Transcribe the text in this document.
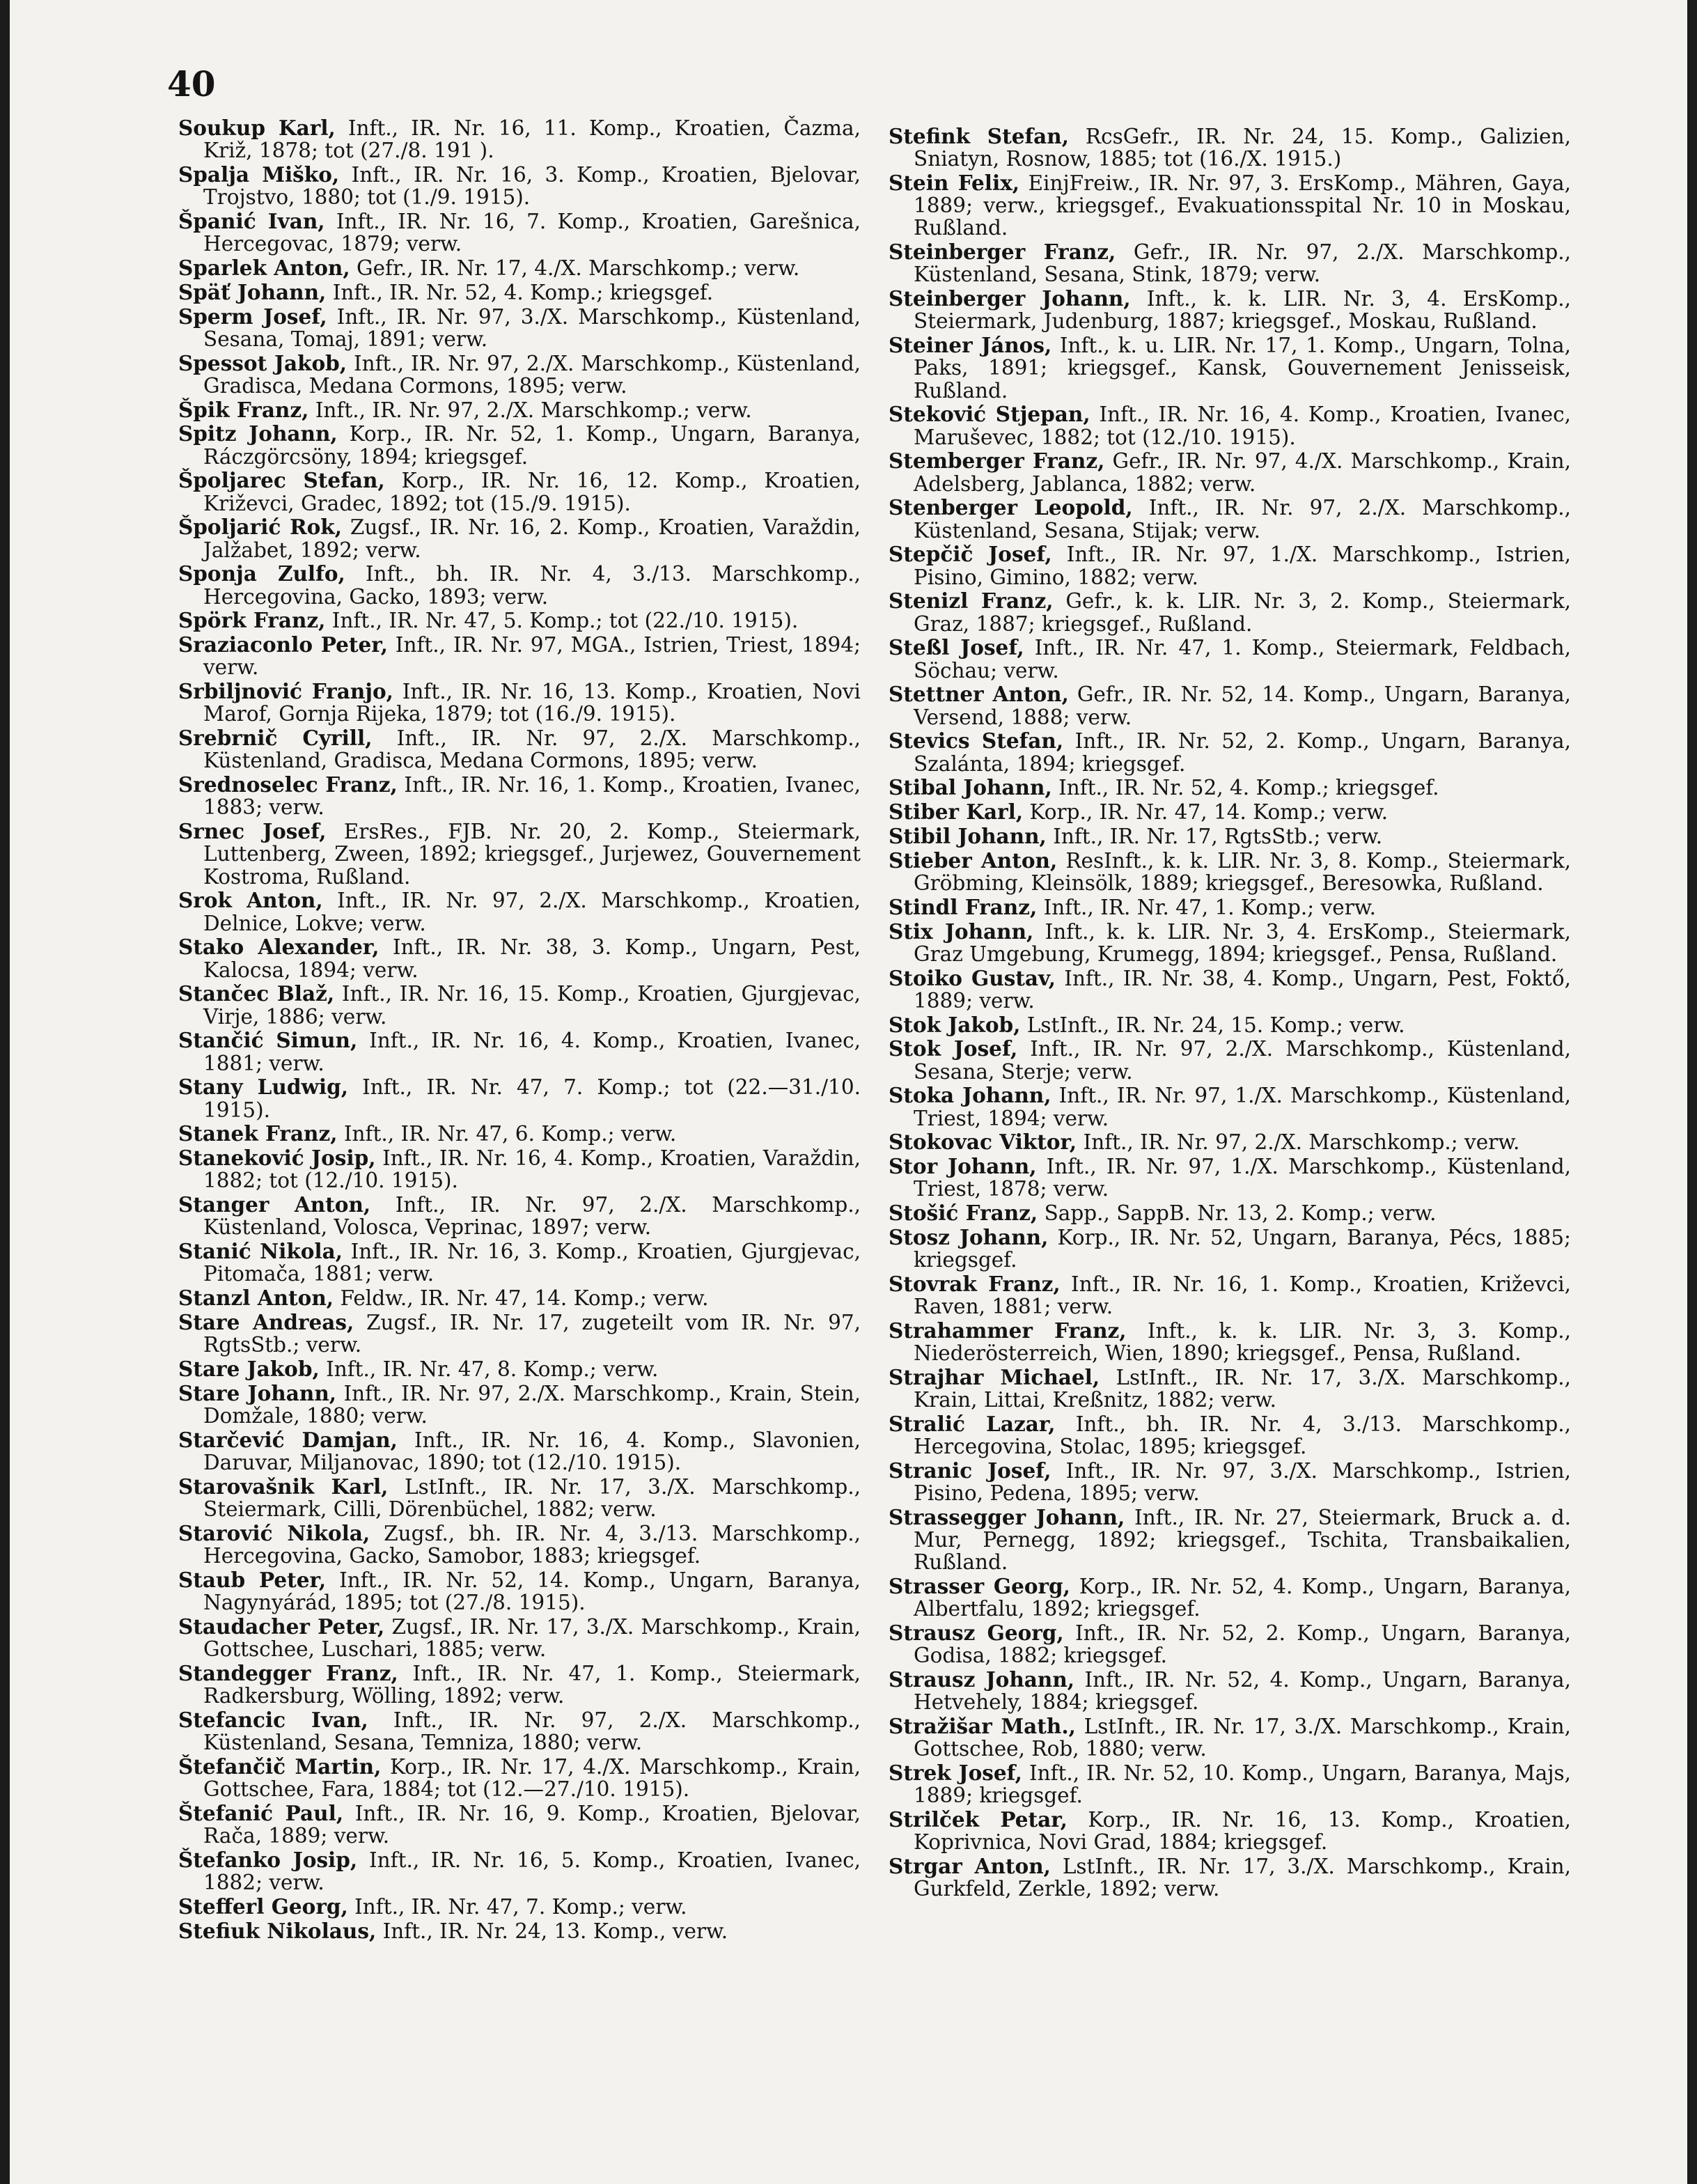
40

Soukup Karl, Inft., IR. Nr. 16, 11. Komp., Kroatien, Čazma, Križ, 1878; tot (27./8. 191 ).

Spalja Miško, Inft., IR. Nr. 16, 3. Komp., Kroatien, Bjelovar, Trojstvo, 1880; tot (1./9. 1915).

Španić Ivan, Inft., IR. Nr. 16, 7. Komp., Kroatien, Garešnica, Hercegovac, 1879; verw.

Sparlek Anton, Gefr., IR. Nr. 17, 4./X. Marschkomp.; verw.

Späť Johann, Inft., IR. Nr. 52, 4. Komp.; kriegsgef.

Sperm Josef, Inft., IR. Nr. 97, 3./X. Marschkomp., Küstenland, Sesana, Tomaj, 1891; verw.

Spessot Jakob, Inft., IR. Nr. 97, 2./X. Marschkomp., Küstenland, Gradisca, Medana Cormons, 1895; verw.

Špik Franz, Inft., IR. Nr. 97, 2./X. Marschkomp.; verw.

Spitz Johann, Korp., IR. Nr. 52, 1. Komp., Ungarn, Baranya, Ráczgörcsöny, 1894; kriegsgef.

Špoljarec Stefan, Korp., IR. Nr. 16, 12. Komp., Kroatien, Križevci, Gradec, 1892; tot (15./9. 1915).

Špoljarić Rok, Zugsf., IR. Nr. 16, 2. Komp., Kroatien, Varaždin, Jalžabet, 1892; verw.

Sponja Zulfo, Inft., bh. IR. Nr. 4, 3./13. Marschkomp., Hercegovina, Gacko, 1893; verw.

Spörk Franz, Inft., IR. Nr. 47, 5. Komp.; tot (22./10. 1915).

Sraziaconlo Peter, Inft., IR. Nr. 97, MGA., Istrien, Triest, 1894; verw.

Srbiljnović Franjo, Inft., IR. Nr. 16, 13. Komp., Kroatien, Novi Marof, Gornja Rijeka, 1879; tot (16./9. 1915).

Srebrnič Cyrill, Inft., IR. Nr. 97, 2./X. Marschkomp., Küstenland, Gradisca, Medana Cormons, 1895; verw.

Srednoselec Franz, Inft., IR. Nr. 16, 1. Komp., Kroatien, Ivanec, 1883; verw.

Srnec Josef, ErsRes., FJB. Nr. 20, 2. Komp., Steiermark, Luttenberg, Zween, 1892; kriegsgef., Jurjewez, Gouvernement Kostroma, Rußland.

Srok Anton, Inft., IR. Nr. 97, 2./X. Marschkomp., Kroatien, Delnice, Lokve; verw.

Stako Alexander, Inft., IR. Nr. 38, 3. Komp., Ungarn, Pest, Kalocsa, 1894; verw.

Stančec Blaž, Inft., IR. Nr. 16, 15. Komp., Kroatien, Gjurgjevac, Virje, 1886; verw.

Stančić Simun, Inft., IR. Nr. 16, 4. Komp., Kroatien, Ivanec, 1881; verw.

Stany Ludwig, Inft., IR. Nr. 47, 7. Komp.; tot (22.—31./10. 1915).

Stanek Franz, Inft., IR. Nr. 47, 6. Komp.; verw.

Staneković Josip, Inft., IR. Nr. 16, 4. Komp., Kroatien, Varaždin, 1882; tot (12./10. 1915).

Stanger Anton, Inft., IR. Nr. 97, 2./X. Marschkomp., Küstenland, Volosca, Veprinac, 1897; verw.

Stanić Nikola, Inft., IR. Nr. 16, 3. Komp., Kroatien, Gjurgjevac, Pitomača, 1881; verw.

Stanzl Anton, Feldw., IR. Nr. 47, 14. Komp.; verw.

Stare Andreas, Zugsf., IR. Nr. 17, zugeteilt vom IR. Nr. 97, RgtsStb.; verw.

Stare Jakob, Inft., IR. Nr. 47, 8. Komp.; verw.

Stare Johann, Inft., IR. Nr. 97, 2./X. Marschkomp., Krain, Stein, Domžale, 1880; verw.

Starčević Damjan, Inft., IR. Nr. 16, 4. Komp., Slavonien, Daruvar, Miljanovac, 1890; tot (12./10. 1915).

Starovašnik Karl, LstInft., IR. Nr. 17, 3./X. Marschkomp., Steiermark, Cilli, Dörenbüchel, 1882; verw.

Starović Nikola, Zugsf., bh. IR. Nr. 4, 3./13. Marschkomp., Hercegovina, Gacko, Samobor, 1883; kriegsgef.

Staub Peter, Inft., IR. Nr. 52, 14. Komp., Ungarn, Baranya, Nagynyárád, 1895; tot (27./8. 1915).

Staudacher Peter, Zugsf., IR. Nr. 17, 3./X. Marschkomp., Krain, Gottschee, Luschari, 1885; verw.

Standegger Franz, Inft., IR. Nr. 47, 1. Komp., Steiermark, Radkersburg, Wölling, 1892; verw.

Stefancic Ivan, Inft., IR. Nr. 97, 2./X. Marschkomp., Küstenland, Sesana, Temniza, 1880; verw.

Štefančič Martin, Korp., IR. Nr. 17, 4./X. Marschkomp., Krain, Gottschee, Fara, 1884; tot (12.—27./10. 1915).

Štefanić Paul, Inft., IR. Nr. 16, 9. Komp., Kroatien, Bjelovar, Rača, 1889; verw.

Štefanko Josip, Inft., IR. Nr. 16, 5. Komp., Kroatien, Ivanec, 1882; verw.

Stefferl Georg, Inft., IR. Nr. 47, 7. Komp.; verw.

Stefiuk Nikolaus, Inft., IR. Nr. 24, 13. Komp., verw.

Stefink Stefan, RcsGefr., IR. Nr. 24, 15. Komp., Galizien, Sniatyn, Rosnow, 1885; tot (16./X. 1915.)

Stein Felix, EinjFreiw., IR. Nr. 97, 3. ErsKomp., Mähren, Gaya, 1889; verw., kriegsgef., Evakuationsspital Nr. 10 in Moskau, Rußland.

Steinberger Franz, Gefr., IR. Nr. 97, 2./X. Marschkomp., Küstenland, Sesana, Stink, 1879; verw.

Steinberger Johann, Inft., k. k. LIR. Nr. 3, 4. ErsKomp., Steiermark, Judenburg, 1887; kriegsgef., Moskau, Rußland.

Steiner János, Inft., k. u. LIR. Nr. 17, 1. Komp., Ungarn, Tolna, Paks, 1891; kriegsgef., Kansk, Gouvernement Jenisseisk, Rußland.

Steković Stjepan, Inft., IR. Nr. 16, 4. Komp., Kroatien, Ivanec, Maruševec, 1882; tot (12./10. 1915).

Stemberger Franz, Gefr., IR. Nr. 97, 4./X. Marschkomp., Krain, Adelsberg, Jablanca, 1882; verw.

Stenberger Leopold, Inft., IR. Nr. 97, 2./X. Marschkomp., Küstenland, Sesana, Stijak; verw.

Stepčič Josef, Inft., IR. Nr. 97, 1./X. Marschkomp., Istrien, Pisino, Gimino, 1882; verw.

Stenizl Franz, Gefr., k. k. LIR. Nr. 3, 2. Komp., Steiermark, Graz, 1887; kriegsgef., Rußland.

Steßl Josef, Inft., IR. Nr. 47, 1. Komp., Steiermark, Feldbach, Söchau; verw.

Stettner Anton, Gefr., IR. Nr. 52, 14. Komp., Ungarn, Baranya, Versend, 1888; verw.

Stevics Stefan, Inft., IR. Nr. 52, 2. Komp., Ungarn, Baranya, Szalánta, 1894; kriegsgef.

Stibal Johann, Inft., IR. Nr. 52, 4. Komp.; kriegsgef.

Stiber Karl, Korp., IR. Nr. 47, 14. Komp.; verw.

Stibil Johann, Inft., IR. Nr. 17, RgtsStb.; verw.

Stieber Anton, ResInft., k. k. LIR. Nr. 3, 8. Komp., Steiermark, Gröbming, Kleinsölk, 1889; kriegsgef., Beresowka, Rußland.

Stindl Franz, Inft., IR. Nr. 47, 1. Komp.; verw.

Stix Johann, Inft., k. k. LIR. Nr. 3, 4. ErsKomp., Steiermark, Graz Umgebung, Krumegg, 1894; kriegsgef., Pensa, Rußland.

Stoiko Gustav, Inft., IR. Nr. 38, 4. Komp., Ungarn, Pest, Foktő, 1889; verw.

Stok Jakob, LstInft., IR. Nr. 24, 15. Komp.; verw.

Stok Josef, Inft., IR. Nr. 97, 2./X. Marschkomp., Küstenland, Sesana, Sterje; verw.

Stoka Johann, Inft., IR. Nr. 97, 1./X. Marschkomp., Küstenland, Triest, 1894; verw.

Stokovac Viktor, Inft., IR. Nr. 97, 2./X. Marschkomp.; verw.

Stor Johann, Inft., IR. Nr. 97, 1./X. Marschkomp., Küstenland, Triest, 1878; verw.

Stošić Franz, Sapp., SappB. Nr. 13, 2. Komp.; verw.

Stosz Johann, Korp., IR. Nr. 52, Ungarn, Baranya, Pécs, 1885; kriegsgef.

Stovrak Franz, Inft., IR. Nr. 16, 1. Komp., Kroatien, Križevci, Raven, 1881; verw.

Strahammer Franz, Inft., k. k. LIR. Nr. 3, 3. Komp., Niederösterreich, Wien, 1890; kriegsgef., Pensa, Rußland.

Strajhar Michael, LstInft., IR. Nr. 17, 3./X. Marschkomp., Krain, Littai, Kreßnitz, 1882; verw.

Stralić Lazar, Inft., bh. IR. Nr. 4, 3./13. Marschkomp., Hercegovina, Stolac, 1895; kriegsgef.

Stranic Josef, Inft., IR. Nr. 97, 3./X. Marschkomp., Istrien, Pisino, Pedena, 1895; verw.

Strassegger Johann, Inft., IR. Nr. 27, Steiermark, Bruck a. d. Mur, Pernegg, 1892; kriegsgef., Tschita, Transbaikalien, Rußland.

Strasser Georg, Korp., IR. Nr. 52, 4. Komp., Ungarn, Baranya, Albertfalu, 1892; kriegsgef.

Strausz Georg, Inft., IR. Nr. 52, 2. Komp., Ungarn, Baranya, Godisa, 1882; kriegsgef.

Strausz Johann, Inft., IR. Nr. 52, 4. Komp., Ungarn, Baranya, Hetvehely, 1884; kriegsgef.

Stražišar Math., LstInft., IR. Nr. 17, 3./X. Marschkomp., Krain, Gottschee, Rob, 1880; verw.

Strek Josef, Inft., IR. Nr. 52, 10. Komp., Ungarn, Baranya, Majs, 1889; kriegsgef.

Strilček Petar, Korp., IR. Nr. 16, 13. Komp., Kroatien, Koprivnica, Novi Grad, 1884; kriegsgef.

Strgar Anton, LstInft., IR. Nr. 17, 3./X. Marschkomp., Krain, Gurkfeld, Zerkle, 1892; verw.
